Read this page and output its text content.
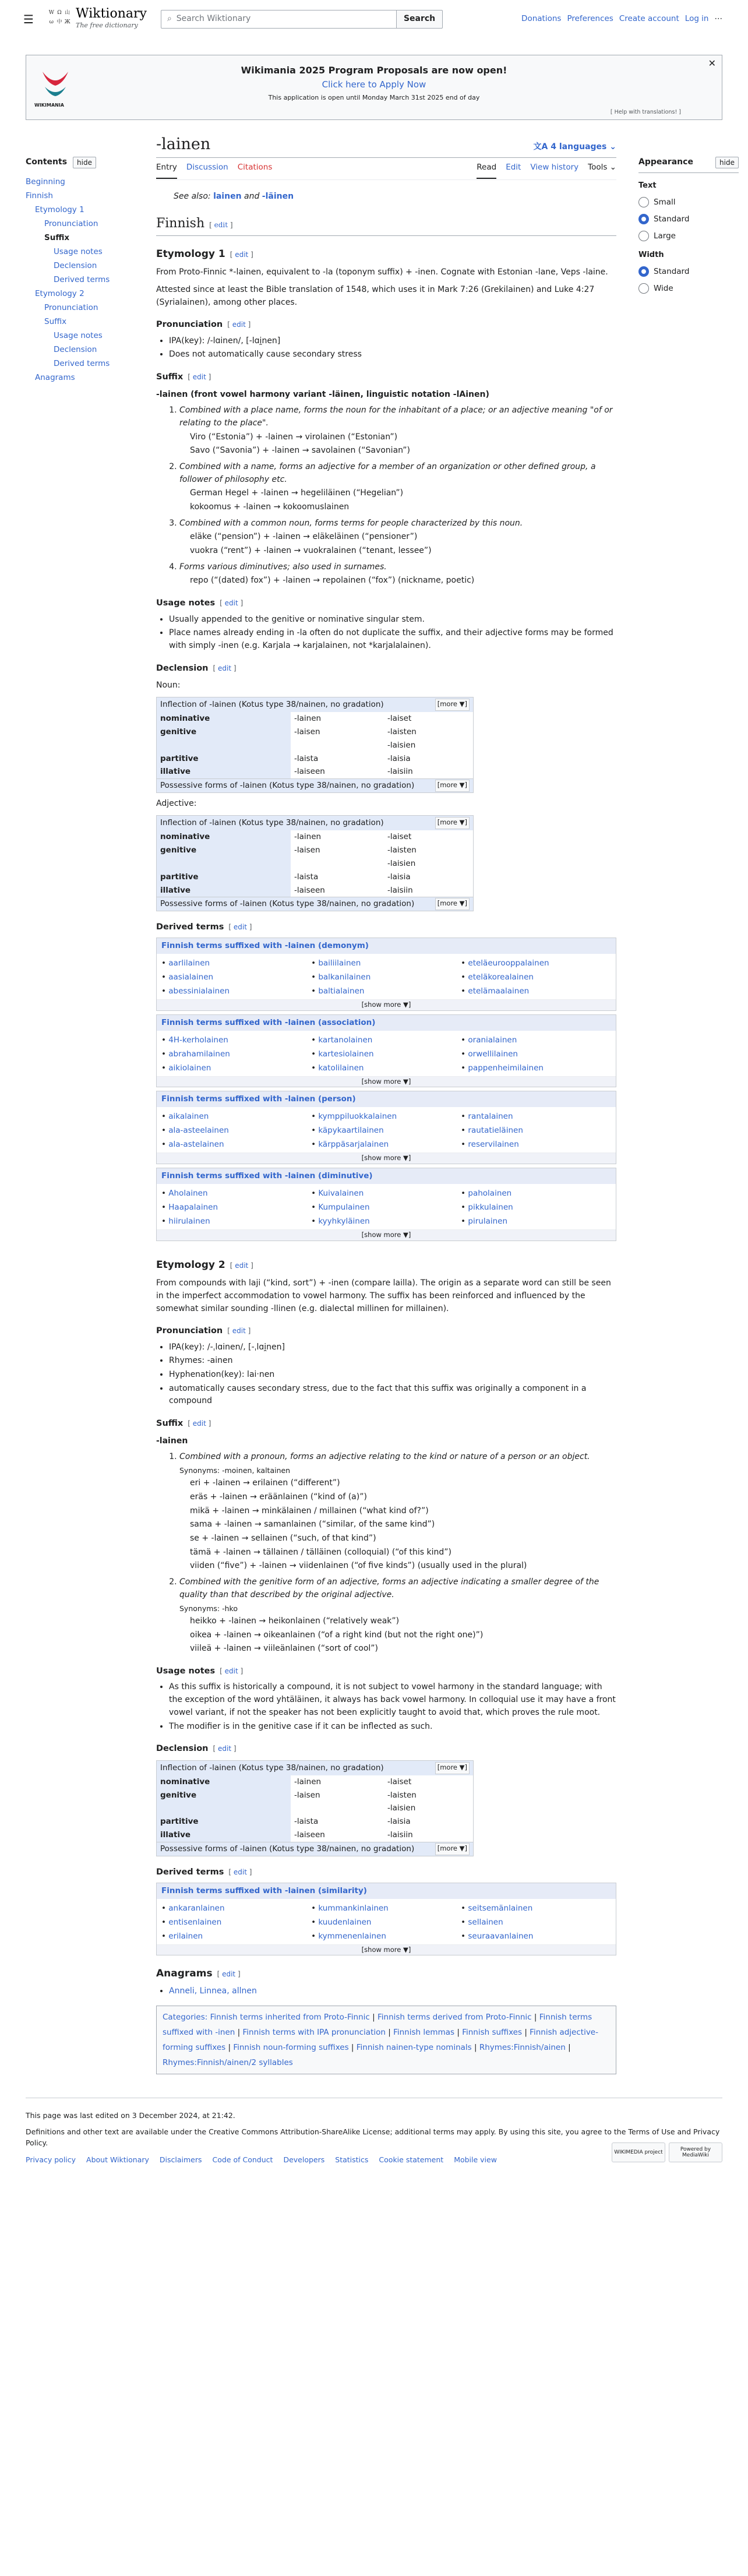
☰	W Ω 山
ω 中 Ж
Wiktionary
The free dictionary
⌕ Search Wiktionary	Search	Donations Preferences Create account Log in ⋯
WIKIMANIA
Wikimania 2025 Program Proposals are now open!
Click here to Apply Now
This application is open until Monday March 31st 2025 end of day
[ Help with translations! ]
✕
Contents	hide
Beginning
Finnish
Etymology 1
Pronunciation
Suffix
Usage notes
Declension
Derived terms
Etymology 2
Pronunciation
Suffix
Usage notes
Declension
Derived terms
Anagrams
-lainen	文A 4 languages ⌄
Entry Discussion Citations	Read Edit View history Tools ⌄
See also: lainen and -läinen
Finnish [ edit ]
Etymology 1 [ edit ]

From Proto-Finnic *-lainen, equivalent to -la (toponym suffix) + -inen. Cognate with Estonian -lane, Veps -laine.

Attested since at least the Bible translation of 1548, which uses it in Mark 7:26 (Grekilainen) and Luke 4:27 (Syrialainen), among other places.

Pronunciation [ edit ]
• IPA(key): /-lɑinen/, [-lɑi̯nen]
• Does not automatically cause secondary stress
Suffix [ edit ]

-lainen (front vowel harmony variant -läinen, linguistic notation -lAinen)

1. Combined with a place name, forms the noun for the inhabitant of a place; or an adjective meaning "of or relating to the place".
Viro (“Estonia”) + -lainen → virolainen (“Estonian”)
Savo (“Savonia”) + -lainen → savolainen (“Savonian”)
2. Combined with a name, forms an adjective for a member of an organization or other defined group, a follower of philosophy etc.
German Hegel + -lainen → hegeliläinen (“Hegelian”)
kokoomus + -lainen → kokoomuslainen
3. Combined with a common noun, forms terms for people characterized by this noun.
eläke (“pension”) + -lainen → eläkeläinen (“pensioner”)
vuokra (“rent”) + -lainen → vuokralainen (“tenant, lessee”)
4. Forms various diminutives; also used in surnames.
repo (“(dated) fox”) + -lainen → repolainen (“fox”) (nickname, poetic)
Usage notes [ edit ]
• Usually appended to the genitive or nominative singular stem.
• Place names already ending in -la often do not duplicate the suffix, and their adjective forms may be formed with simply -inen (e.g. Karjala → karjalainen, not *karjalalainen).
Declension [ edit ]

Noun:

Inflection of -lainen (Kotus type 38/nainen, no gradation)	[more ▼]
nominative	-lainen	-laiset
genitive	-laisen	-laisten
		-laisien
partitive	-laista	-laisia
illative	-laiseen	-laisiin
Possessive forms of -lainen (Kotus type 38/nainen, no gradation)	[more ▼]

Adjective:

Inflection of -lainen (Kotus type 38/nainen, no gradation)	[more ▼]
nominative	-lainen	-laiset
genitive	-laisen	-laisten
		-laisien
partitive	-laista	-laisia
illative	-laiseen	-laisiin
Possessive forms of -lainen (Kotus type 38/nainen, no gradation)	[more ▼]
Derived terms [ edit ]
Finnish terms suffixed with -lainen (demonym)
• aarlilainen
• aasialainen
• abessinialainen
• bailiilainen
• balkanilainen
• baltialainen
• eteläeurooppalainen
• eteläkorealainen
• etelämaalainen
[show more ▼]
Finnish terms suffixed with -lainen (association)
• 4H-kerholainen
• abrahamilainen
• aikiolainen
• kartanolainen
• kartesiolainen
• katolilainen
• oranialainen
• orwellilainen
• pappenheimilainen
[show more ▼]
Finnish terms suffixed with -lainen (person)
• aikalainen
• ala-asteelainen
• ala-astelainen
• kymppiluokkalainen
• käpykaartilainen
• kärppäsarjalainen
• rantalainen
• rautatieläinen
• reservilainen
[show more ▼]
Finnish terms suffixed with -lainen (diminutive)
• Aholainen
• Haapalainen
• hiirulainen
• Kuivalainen
• Kumpulainen
• kyyhkyläinen
• paholainen
• pikkulainen
• pirulainen
[show more ▼]
Etymology 2 [ edit ]

From compounds with laji (“kind, sort”) + -inen (compare lailla). The origin as a separate word can still be seen in the imperfect accommodation to vowel harmony. The suffix has been reinforced and influenced by the somewhat similar sounding -llinen (e.g. dialectal millinen for millainen).

Pronunciation [ edit ]
• IPA(key): /-ˌlɑinen/, [-ˌlɑi̯nen]
• Rhymes: -ainen
• Hyphenation(key): lai‧nen
• automatically causes secondary stress, due to the fact that this suffix was originally a component in a compound
Suffix [ edit ]

-lainen

1. Combined with a pronoun, forms an adjective relating to the kind or nature of a person or an object.
Synonyms: -moinen, kaltainen
eri + -lainen → erilainen (“different”)
eräs + -lainen → eräänlainen (“kind of (a)”)
mikä + -lainen → minkälainen / millainen (“what kind of?”)
sama + -lainen → samanlainen (“similar, of the same kind”)
se + -lainen → sellainen (“such, of that kind”)
tämä + -lainen → tällainen / tälläinen (colloquial) (“of this kind”)
viiden (“five”) + -lainen → viidenlainen (“of five kinds”) (usually used in the plural)
2. Combined with the genitive form of an adjective, forms an adjective indicating a smaller degree of the quality than that described by the original adjective.
Synonyms: -hko
heikko + -lainen → heikonlainen (“relatively weak”)
oikea + -lainen → oikeanlainen (“of a right kind (but not the right one)”)
viileä + -lainen → viileänlainen (“sort of cool”)
Usage notes [ edit ]
• As this suffix is historically a compound, it is not subject to vowel harmony in the standard language; with the exception of the word yhtäläinen, it always has back vowel harmony. In colloquial use it may have a front vowel variant, if not the speaker has not been explicitly taught to avoid that, which proves the rule moot.
• The modifier is in the genitive case if it can be inflected as such.
Declension [ edit ]
Inflection of -lainen (Kotus type 38/nainen, no gradation)	[more ▼]
nominative	-lainen	-laiset
genitive	-laisen	-laisten
		-laisien
partitive	-laista	-laisia
illative	-laiseen	-laisiin
Possessive forms of -lainen (Kotus type 38/nainen, no gradation)	[more ▼]
Derived terms [ edit ]
Finnish terms suffixed with -lainen (similarity)
• ankaranlainen
• entisenlainen
• erilainen
• kummankinlainen
• kuudenlainen
• kymmenenlainen
• seitsemänlainen
• sellainen
• seuraavanlainen
[show more ▼]
Anagrams [ edit ]
• Anneli, Linnea, allnen
Categories: Finnish terms inherited from Proto-Finnic | Finnish terms derived from Proto-Finnic | Finnish terms suffixed with -inen | Finnish terms with IPA pronunciation | Finnish lemmas | Finnish suffixes | Finnish adjective-forming suffixes | Finnish noun-forming suffixes | Finnish nainen-type nominals | Rhymes:Finnish/ainen | Rhymes:Finnish/ainen/2 syllables
Appearance	hide
Text
Small
Standard
Large
Width
Standard
Wide
This page was last edited on 3 December 2024, at 21:42.
Definitions and other text are available under the Creative Commons Attribution-ShareAlike License; additional terms may apply. By using this site, you agree to the Terms of Use and Privacy Policy.
Privacy policy About Wiktionary Disclaimers Code of Conduct Developers Statistics Cookie statement Mobile view
WIKIMEDIA project	Powered by MediaWiki
